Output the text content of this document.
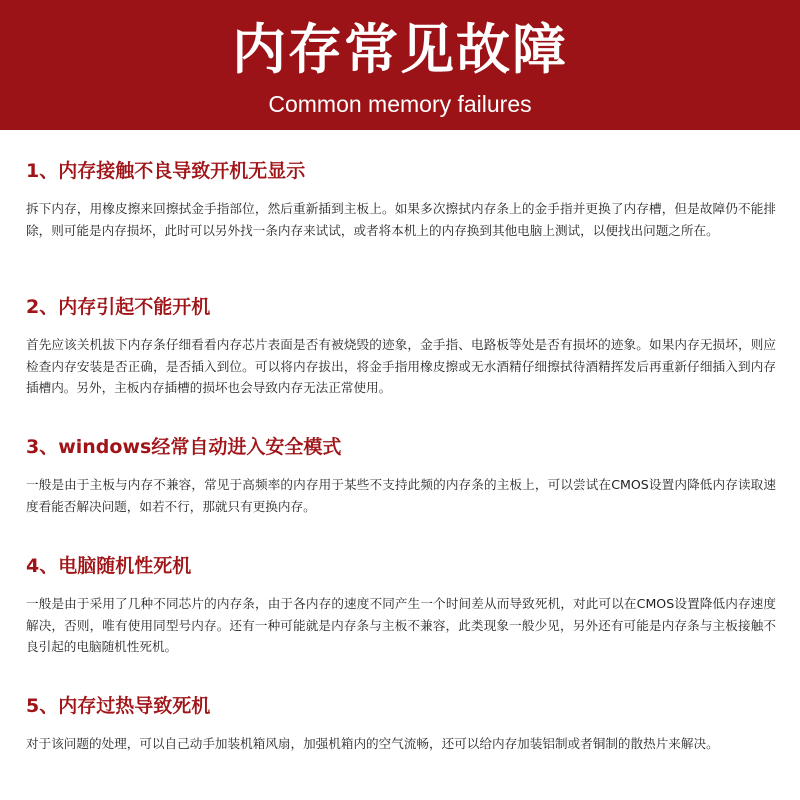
内存常见故障
Common memory failures
1、内存接触不良导致开机无显示
拆下内存，用橡皮擦来回擦拭金手指部位，然后重新插到主板上。如果多次擦拭内存条上的金手指并更换了内存槽，但是故障仍不能排除，则可能是内存损坏，此时可以另外找一条内存来试试，或者将本机上的内存换到其他电脑上测试，以便找出问题之所在。
2、内存引起不能开机
首先应该关机拔下内存条仔细看看内存芯片表面是否有被烧毁的迹象，金手指、电路板等处是否有损坏的迹象。如果内存无损坏，则应检查内存安装是否正确，是否插入到位。可以将内存拔出，将金手指用橡皮擦或无水酒精仔细擦拭待酒精挥发后再重新仔细插入到内存插槽内。另外，主板内存插槽的损坏也会导致内存无法正常使用。
3、windows经常自动进入安全模式
一般是由于主板与内存不兼容，常见于高频率的内存用于某些不支持此频的内存条的主板上，可以尝试在CMOS设置内降低内存读取速度看能否解决问题，如若不行，那就只有更换内存。
4、电脑随机性死机
一般是由于采用了几种不同芯片的内存条，由于各内存的速度不同产生一个时间差从而导致死机，对此可以在CMOS设置降低内存速度解决，否则，唯有使用同型号内存。还有一种可能就是内存条与主板不兼容，此类现象一般少见，另外还有可能是内存条与主板接触不良引起的电脑随机性死机。
5、内存过热导致死机
对于该问题的处理，可以自己动手加装机箱风扇，加强机箱内的空气流畅，还可以给内存加装铝制或者铜制的散热片来解决。
